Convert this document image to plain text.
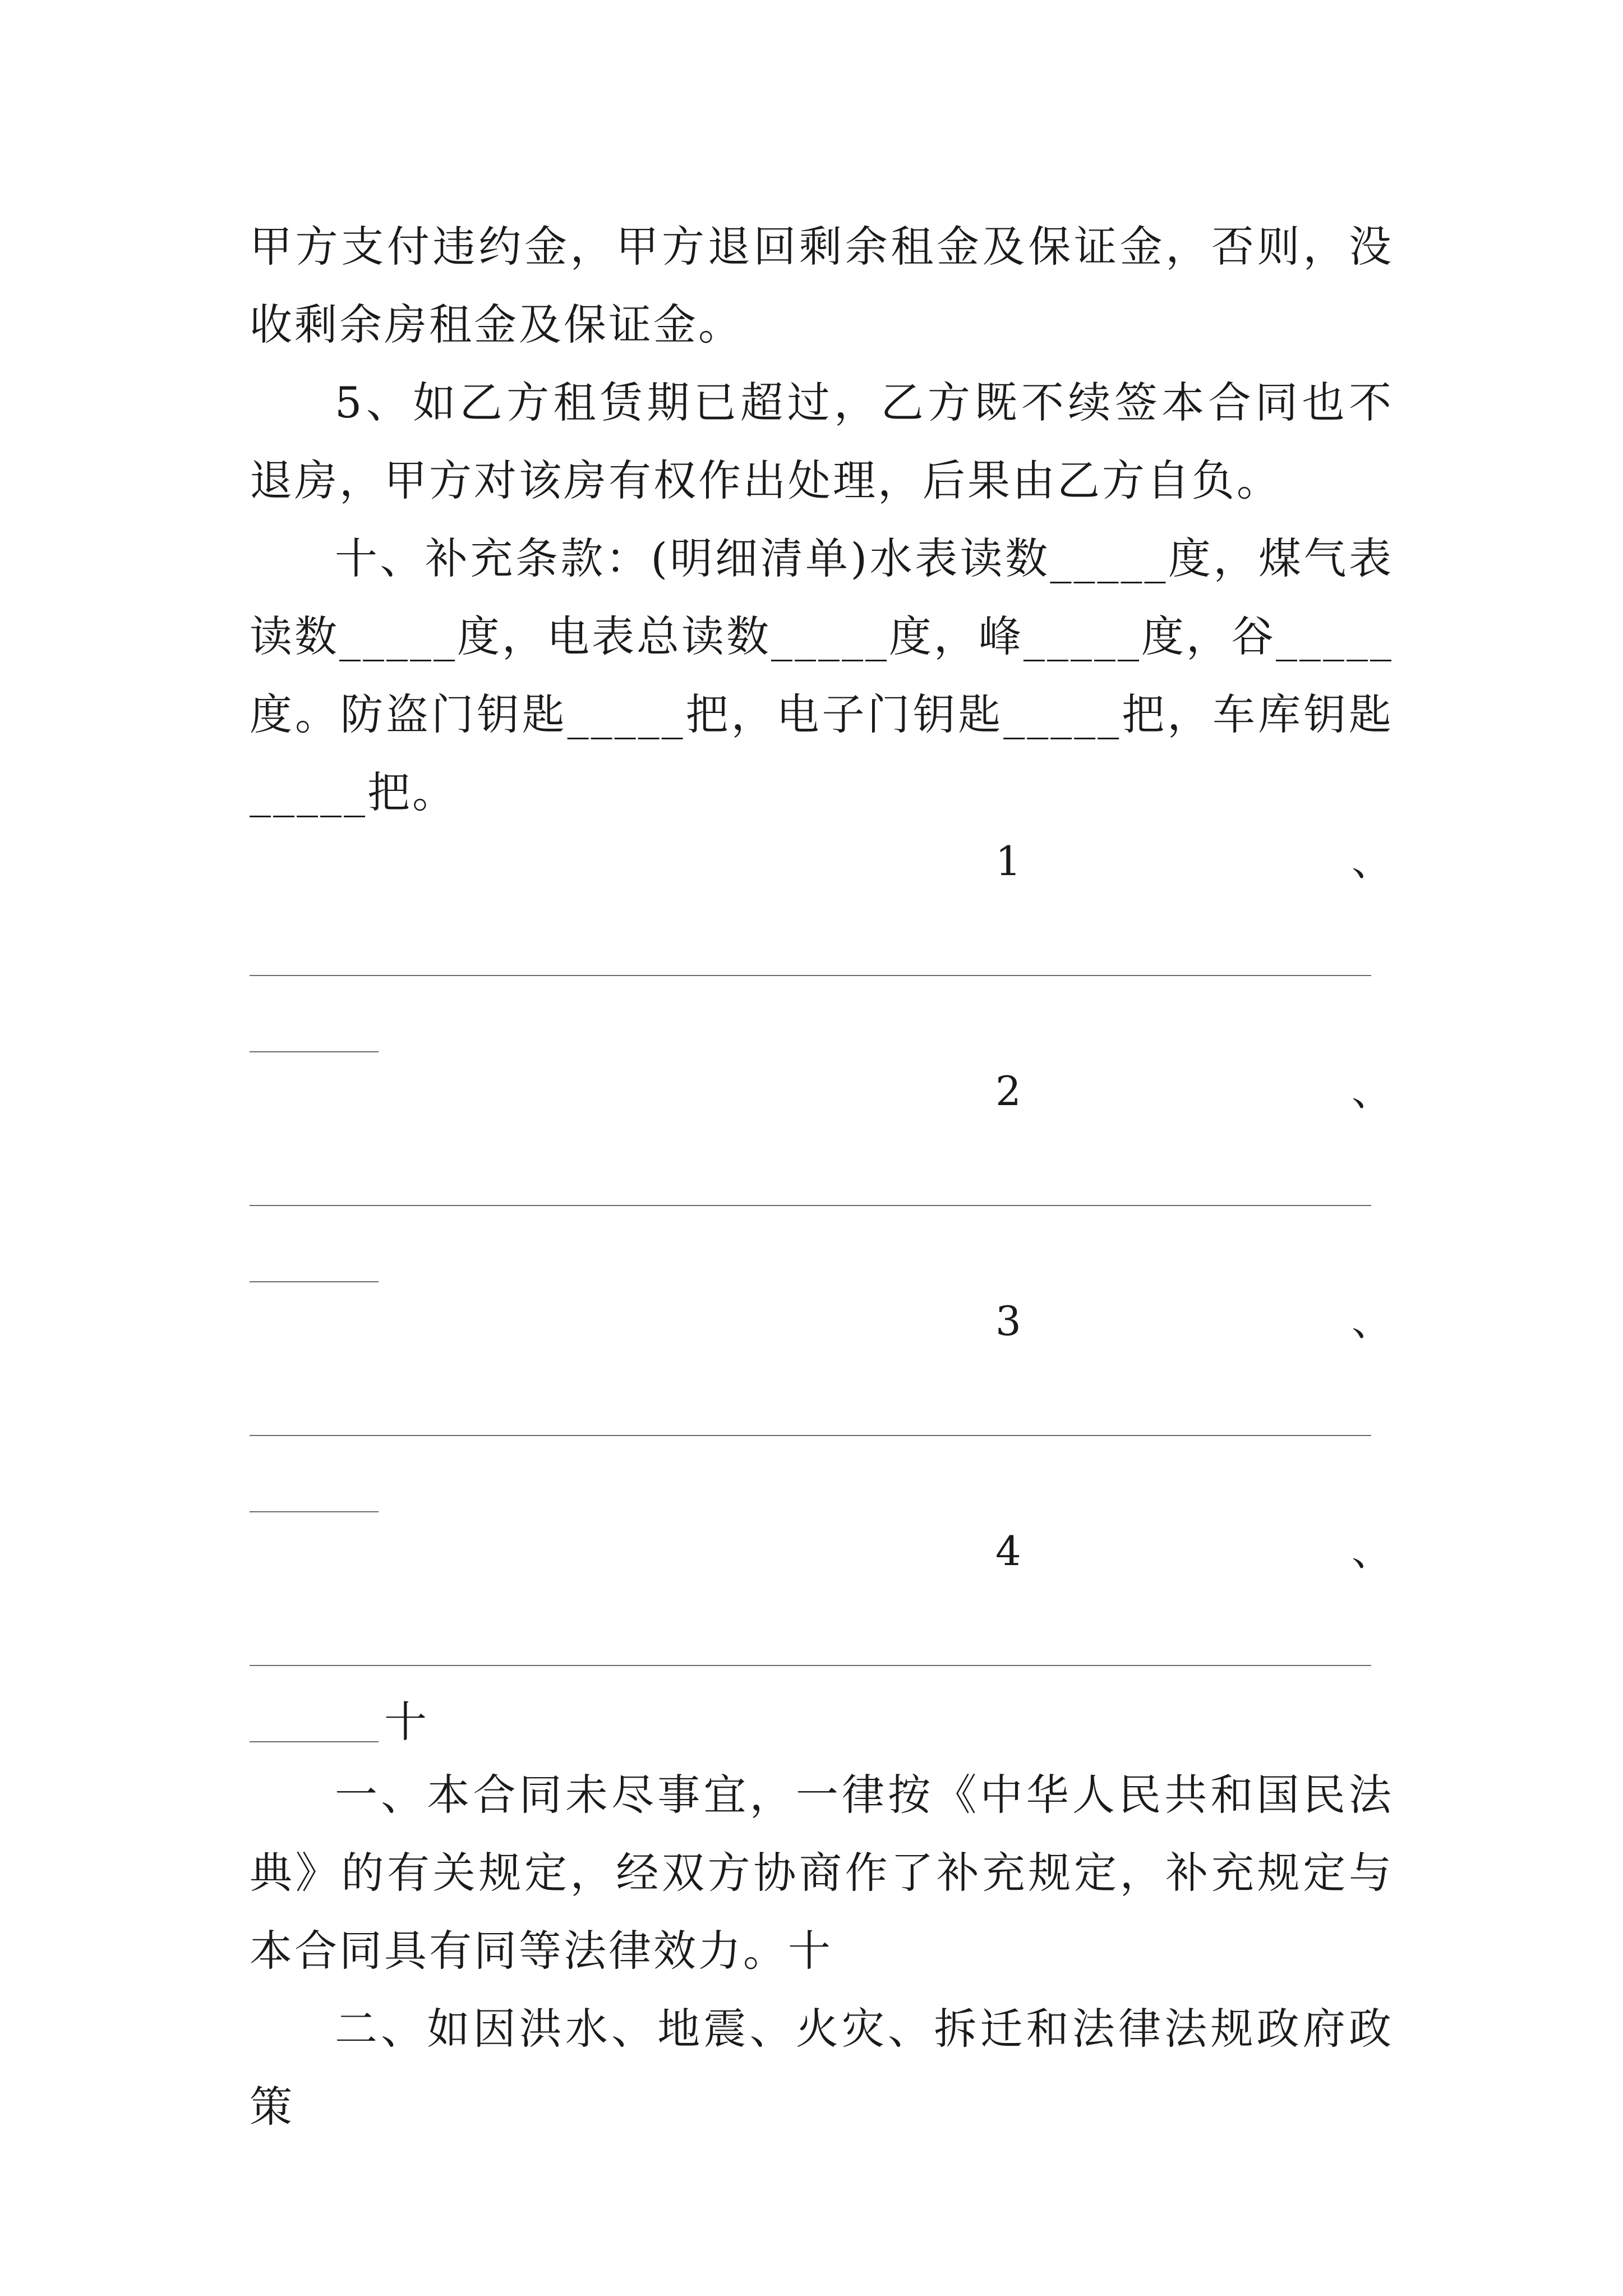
甲方支付违约金，甲方退回剩余租金及保证金，否则，没收剩余房租金及保证金。

5、如乙方租赁期已超过，乙方既不续签本合同也不退房，甲方对该房有权作出处理，后果由乙方自负。

十、补充条款：(明细清单)水表读数_____度，煤气表读数_____度，电表总读数_____度，峰_____度，谷_____度。防盗门钥匙_____把，电子门钥匙_____把，车库钥匙_____把。

1	、
2	、
3	、
4	、
十

一、本合同未尽事宜，一律按《中华人民共和国民法典》的有关规定，经双方协商作了补充规定，补充规定与本合同具有同等法律效力。十

二、如因洪水、地震、火灾、拆迁和法律法规政府政策
